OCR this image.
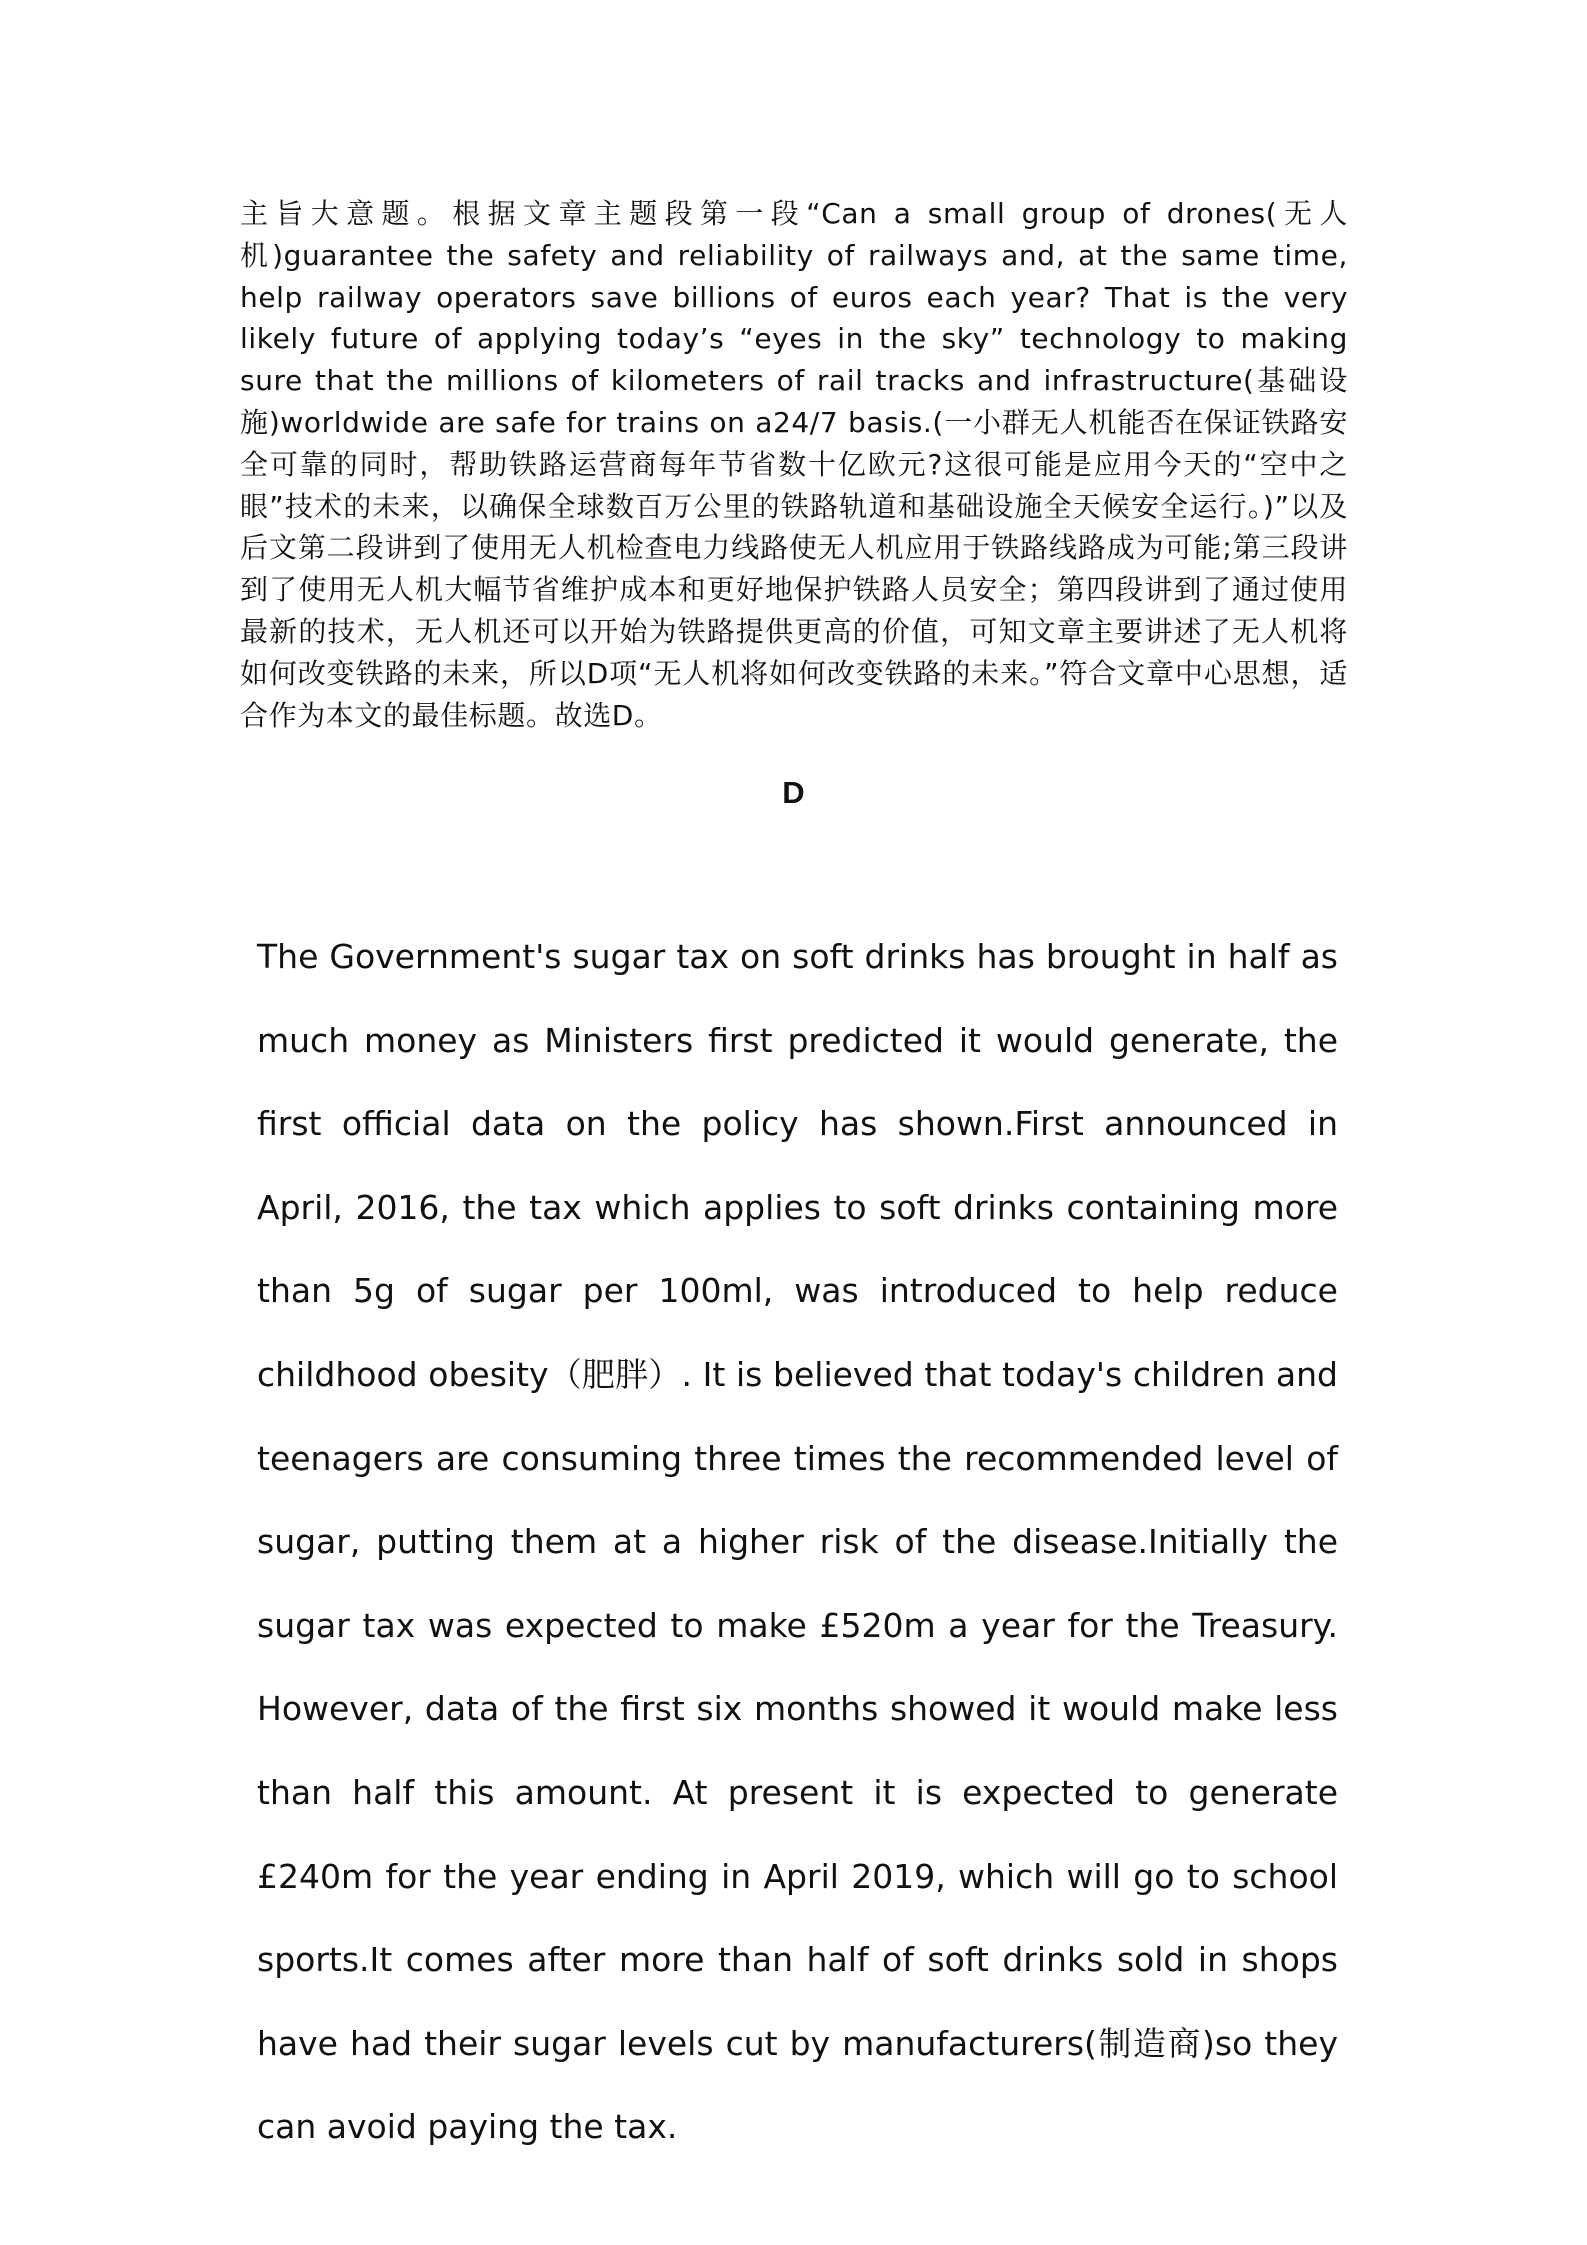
主旨大意题。根据文章主题段第一段“Can a small group of drones(无人机)guarantee the safety and reliability of railways and, at the same time, help railway operators save billions of euros each year? That is the very likely future of applying today’s “eyes in the sky” technology to making sure that the millions of kilometers of rail tracks and infrastructure(基础设施)worldwide are safe for trains on a24/7 basis.(一小群无人机能否在保证铁路安全可靠的同时，帮助铁路运营商每年节省数十亿欧元?这很可能是应用今天的“空中之眼”技术的未来，以确保全球数百万公里的铁路轨道和基础设施全天候安全运行。)”以及后文第二段讲到了使用无人机检查电力线路使无人机应用于铁路线路成为可能;第三段讲到了使用无人机大幅节省维护成本和更好地保护铁路人员安全；第四段讲到了通过使用最新的技术，无人机还可以开始为铁路提供更高的价值，可知文章主要讲述了无人机将如何改变铁路的未来，所以D项“无人机将如何改变铁路的未来。”符合文章中心思想，适合作为本文的最佳标题。故选D。

D

The Government's sugar tax on soft drinks has brought in half as much money as Ministers first predicted it would generate, the first official data on the policy has shown.First announced in April, 2016, the tax which applies to soft drinks containing more than 5g of sugar per 100ml, was introduced to help reduce childhood obesity（肥胖）. It is believed that today's children and teenagers are consuming three times the recommended level of sugar, putting them at a higher risk of the disease.Initially the sugar tax was expected to make £520m a year for the Treasury. However, data of the first six months showed it would make less than half this amount. At present it is expected to generate £240m for the year ending in April 2019, which will go to school sports.It comes after more than half of soft drinks sold in shops have had their sugar levels cut by manufacturers(制造商)so they can avoid paying the tax.
